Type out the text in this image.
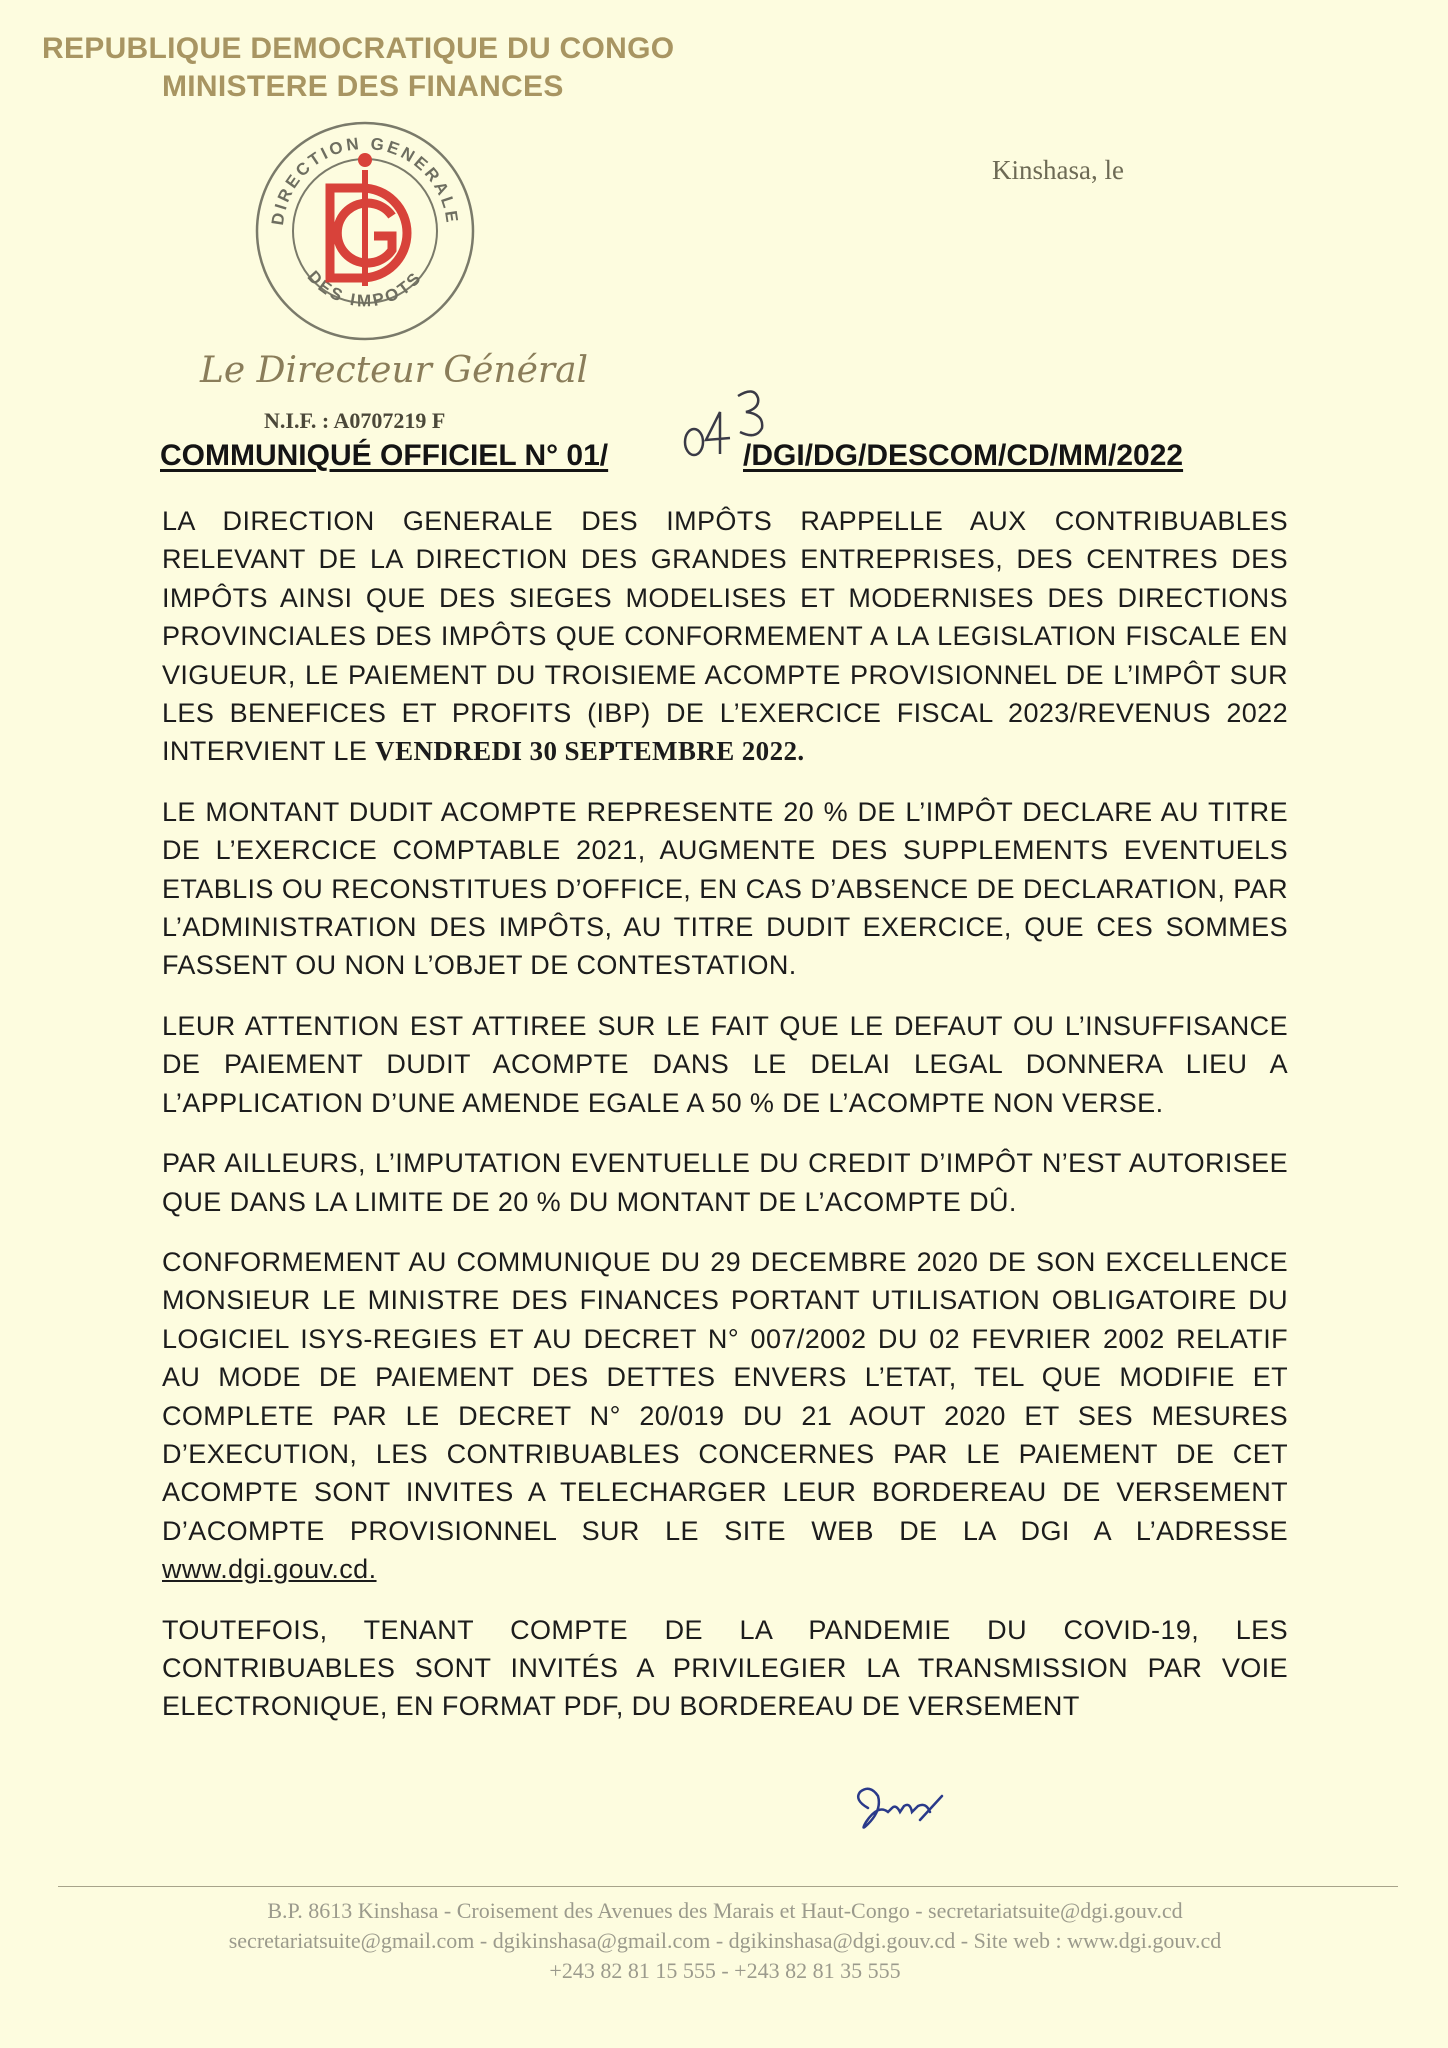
REPUBLIQUE DEMOCRATIQUE DU CONGO
MINISTERE DES FINANCES
Kinshasa, le
DIRECTION GENERALE
DES IMPOTS
Le Directeur Général
N.I.F. : A0707219 F
COMMUNIQUÉ OFFICIEL N° 01/	/DGI/DG/DESCOM/CD/MM/2022

LA DIRECTION GENERALE DES IMPÔTS RAPPELLE AUX CONTRIBUABLES RELEVANT DE LA DIRECTION DES GRANDES ENTREPRISES, DES CENTRES DES IMPÔTS AINSI QUE DES SIEGES MODELISES ET MODERNISES DES DIRECTIONS PROVINCIALES DES IMPÔTS QUE CONFORMEMENT A LA LEGISLATION FISCALE EN VIGUEUR, LE PAIEMENT DU TROISIEME ACOMPTE PROVISIONNEL DE L’IMPÔT SUR LES BENEFICES ET PROFITS (IBP) DE L’EXERCICE FISCAL 2023/REVENUS 2022 INTERVIENT LE VENDREDI 30 SEPTEMBRE 2022.

LE MONTANT DUDIT ACOMPTE REPRESENTE 20 % DE L’IMPÔT DECLARE AU TITRE DE L’EXERCICE COMPTABLE 2021, AUGMENTE DES SUPPLEMENTS EVENTUELS ETABLIS OU RECONSTITUES D’OFFICE, EN CAS D’ABSENCE DE DECLARATION, PAR L’ADMINISTRATION DES IMPÔTS, AU TITRE DUDIT EXERCICE, QUE CES SOMMES FASSENT OU NON L’OBJET DE CONTESTATION.

LEUR ATTENTION EST ATTIREE SUR LE FAIT QUE LE DEFAUT OU L’INSUFFISANCE DE PAIEMENT DUDIT ACOMPTE DANS LE DELAI LEGAL DONNERA LIEU A L’APPLICATION D’UNE AMENDE EGALE A 50 % DE L’ACOMPTE NON VERSE.

PAR AILLEURS, L’IMPUTATION EVENTUELLE DU CREDIT D’IMPÔT N’EST AUTORISEE QUE DANS LA LIMITE DE 20 % DU MONTANT DE L’ACOMPTE DÛ.

CONFORMEMENT AU COMMUNIQUE DU 29 DECEMBRE 2020 DE SON EXCELLENCE MONSIEUR LE MINISTRE DES FINANCES PORTANT UTILISATION OBLIGATOIRE DU LOGICIEL ISYS-REGIES ET AU DECRET N° 007/2002 DU 02 FEVRIER 2002 RELATIF AU MODE DE PAIEMENT DES DETTES ENVERS L’ETAT, TEL QUE MODIFIE ET COMPLETE PAR LE DECRET N° 20/019 DU 21 AOUT 2020 ET SES MESURES D’EXECUTION, LES CONTRIBUABLES CONCERNES PAR LE PAIEMENT DE CET ACOMPTE SONT INVITES A TELECHARGER LEUR BORDEREAU DE VERSEMENT D’ACOMPTE PROVISIONNEL SUR LE SITE WEB DE LA DGI A L’ADRESSE www.dgi.gouv.cd.

TOUTEFOIS, TENANT COMPTE DE LA PANDEMIE DU COVID-19, LES CONTRIBUABLES SONT INVITÉS A PRIVILEGIER LA TRANSMISSION PAR VOIE ELECTRONIQUE, EN FORMAT PDF, DU BORDEREAU DE VERSEMENT

B.P. 8613 Kinshasa - Croisement des Avenues des Marais et Haut-Congo - secretariatsuite@dgi.gouv.cd
secretariatsuite@gmail.com - dgikinshasa@gmail.com - dgikinshasa@dgi.gouv.cd - Site web : www.dgi.gouv.cd
+243 82 81 15 555 - +243 82 81 35 555
